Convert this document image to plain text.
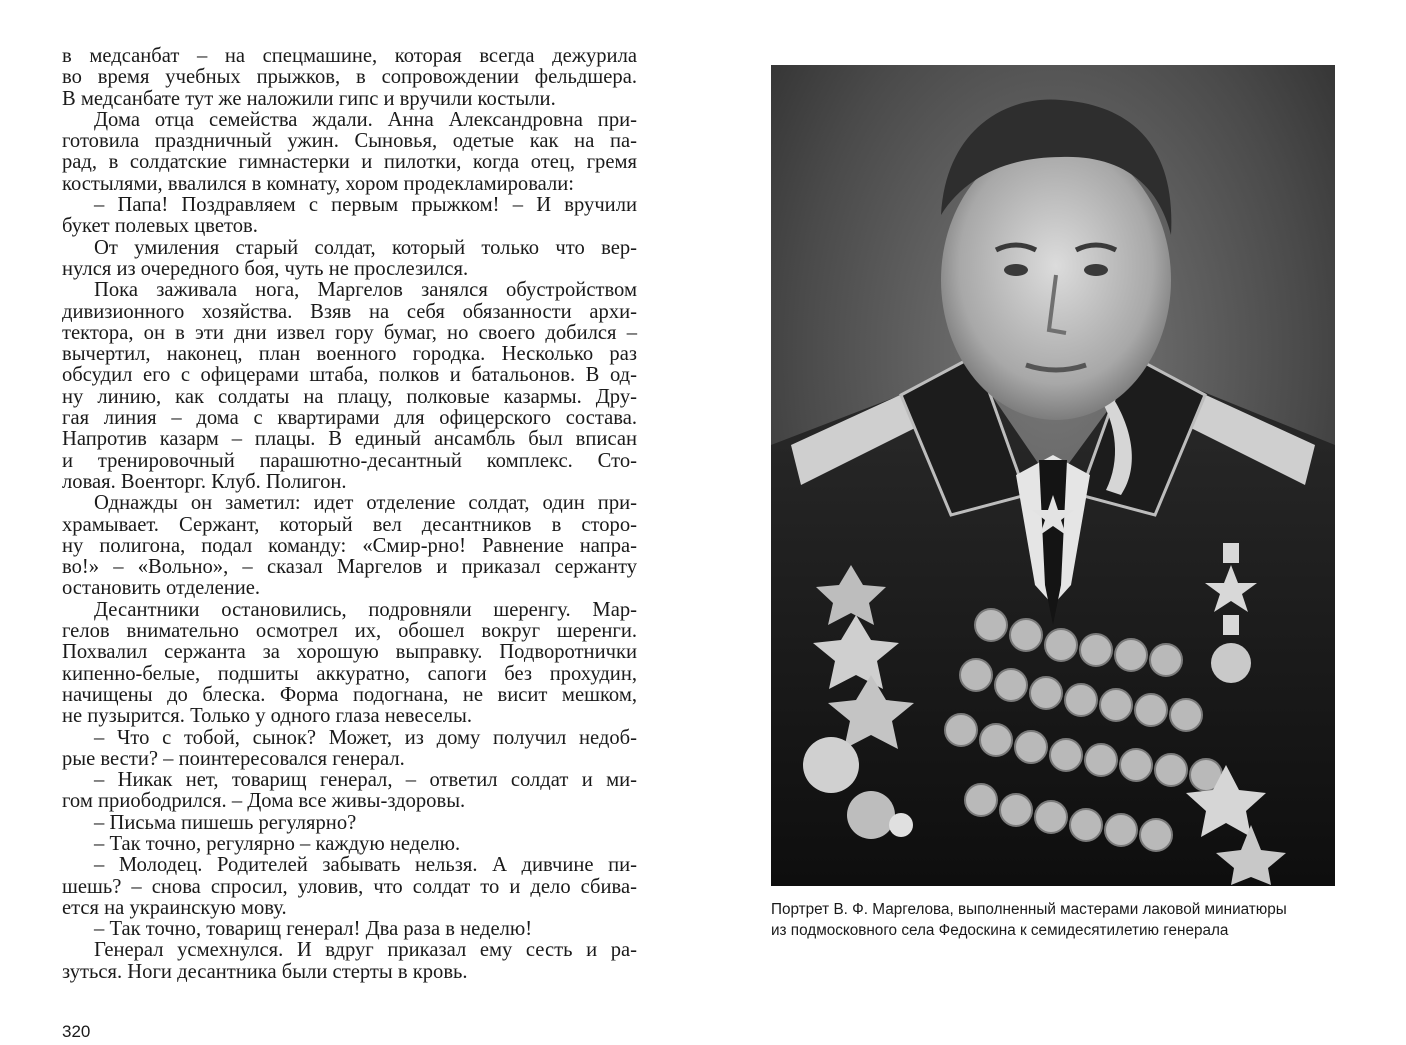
в медсанбат – на спецмашине, которая всегда дежурила
во время учебных прыжков, в сопровождении фельдшера.
В медсанбате тут же наложили гипс и вручили костыли.
Дома отца семейства ждали. Анна Александровна при-
готовила праздничный ужин. Сыновья, одетые как на па-
рад, в солдатские гимнастерки и пилотки, когда отец, гремя
костылями, ввалился в комнату, хором продекламировали:
– Папа! Поздравляем с первым прыжком! – И вручили
букет полевых цветов.
От умиления старый солдат, который только что вер-
нулся из очередного боя, чуть не прослезился.
Пока заживала нога, Маргелов занялся обустройством
дивизионного хозяйства. Взяв на себя обязанности архи-
тектора, он в эти дни извел гору бумаг, но своего добился –
вычертил, наконец, план военного городка. Несколько раз
обсудил его с офицерами штаба, полков и батальонов. В од-
ну линию, как солдаты на плацу, полковые казармы. Дру-
гая линия – дома с квартирами для офицерского состава.
Напротив казарм – плацы. В единый ансамбль был вписан
и тренировочный парашютно-десантный комплекс. Сто-
ловая. Военторг. Клуб. Полигон.
Однажды он заметил: идет отделение солдат, один при-
храмывает. Сержант, который вел десантников в сторо-
ну полигона, подал команду: «Смир-рно! Равнение напра-
во!» – «Вольно», – сказал Маргелов и приказал сержанту
остановить отделение.
Десантники остановились, подровняли шеренгу. Мар-
гелов внимательно осмотрел их, обошел вокруг шеренги.
Похвалил сержанта за хорошую выправку. Подворотнички
кипенно-белые, подшиты аккуратно, сапоги без прохудин,
начищены до блеска. Форма подогнана, не висит мешком,
не пузырится. Только у одного глаза невеселы.
– Что с тобой, сынок? Может, из дому получил недоб-
рые вести? – поинтересовался генерал.
– Никак нет, товарищ генерал, – ответил солдат и ми-
гом приободрился. – Дома все живы-здоровы.
– Письма пишешь регулярно?
– Так точно, регулярно – каждую неделю.
– Молодец. Родителей забывать нельзя. А дивчине пи-
шешь? – снова спросил, уловив, что солдат то и дело сбива-
ется на украинскую мову.
– Так точно, товарищ генерал! Два раза в неделю!
Генерал усмехнулся. И вдруг приказал ему сесть и ра-
зуться. Ноги десантника были стерты в кровь.
320
Портрет В. Ф. Маргелова, выполненный мастерами лаковой миниатюры
из подмосковного села Федоскина к семидесятилетию генерала
